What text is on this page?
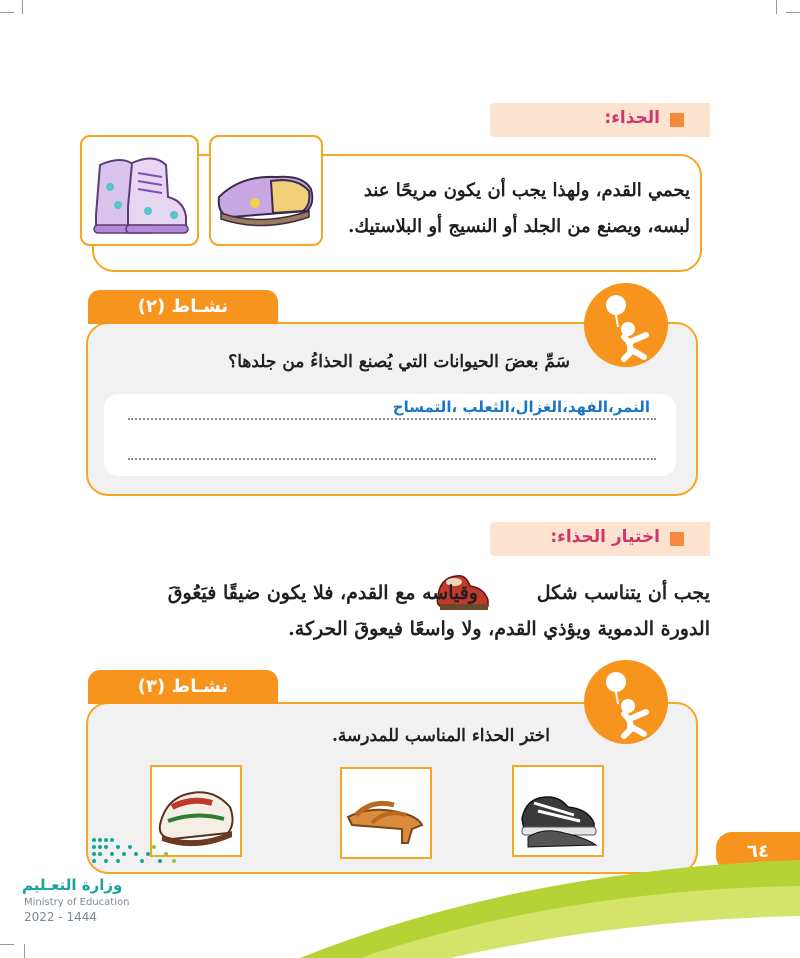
الحذاء:
يحمي القدم، ولهذا يجب أن يكون مريحًا عند
لبسه، ويصنع من الجلد أو النسيج أو البلاستيك.
نشـاط (٢)
سَمِّ بعضَ الحيوانات التي يُصنع الحذاءُ من جلدها؟
النمر،الفهد،الغزال،الثعلب ،التمساح
اختيار الحذاء:
يجب أن يتناسب شكل
وقياسه مع القدم، فلا يكون ضيقًا فيَعُوقَ
الدورة الدموية ويؤذي القدم، ولا واسعًا فيعوقَ الحركة.
نشـاط (٣)
اختر الحذاء المناسب للمدرسة.
٦٤
وزارة التعـليم
Ministry of Education
2022 - 1444
